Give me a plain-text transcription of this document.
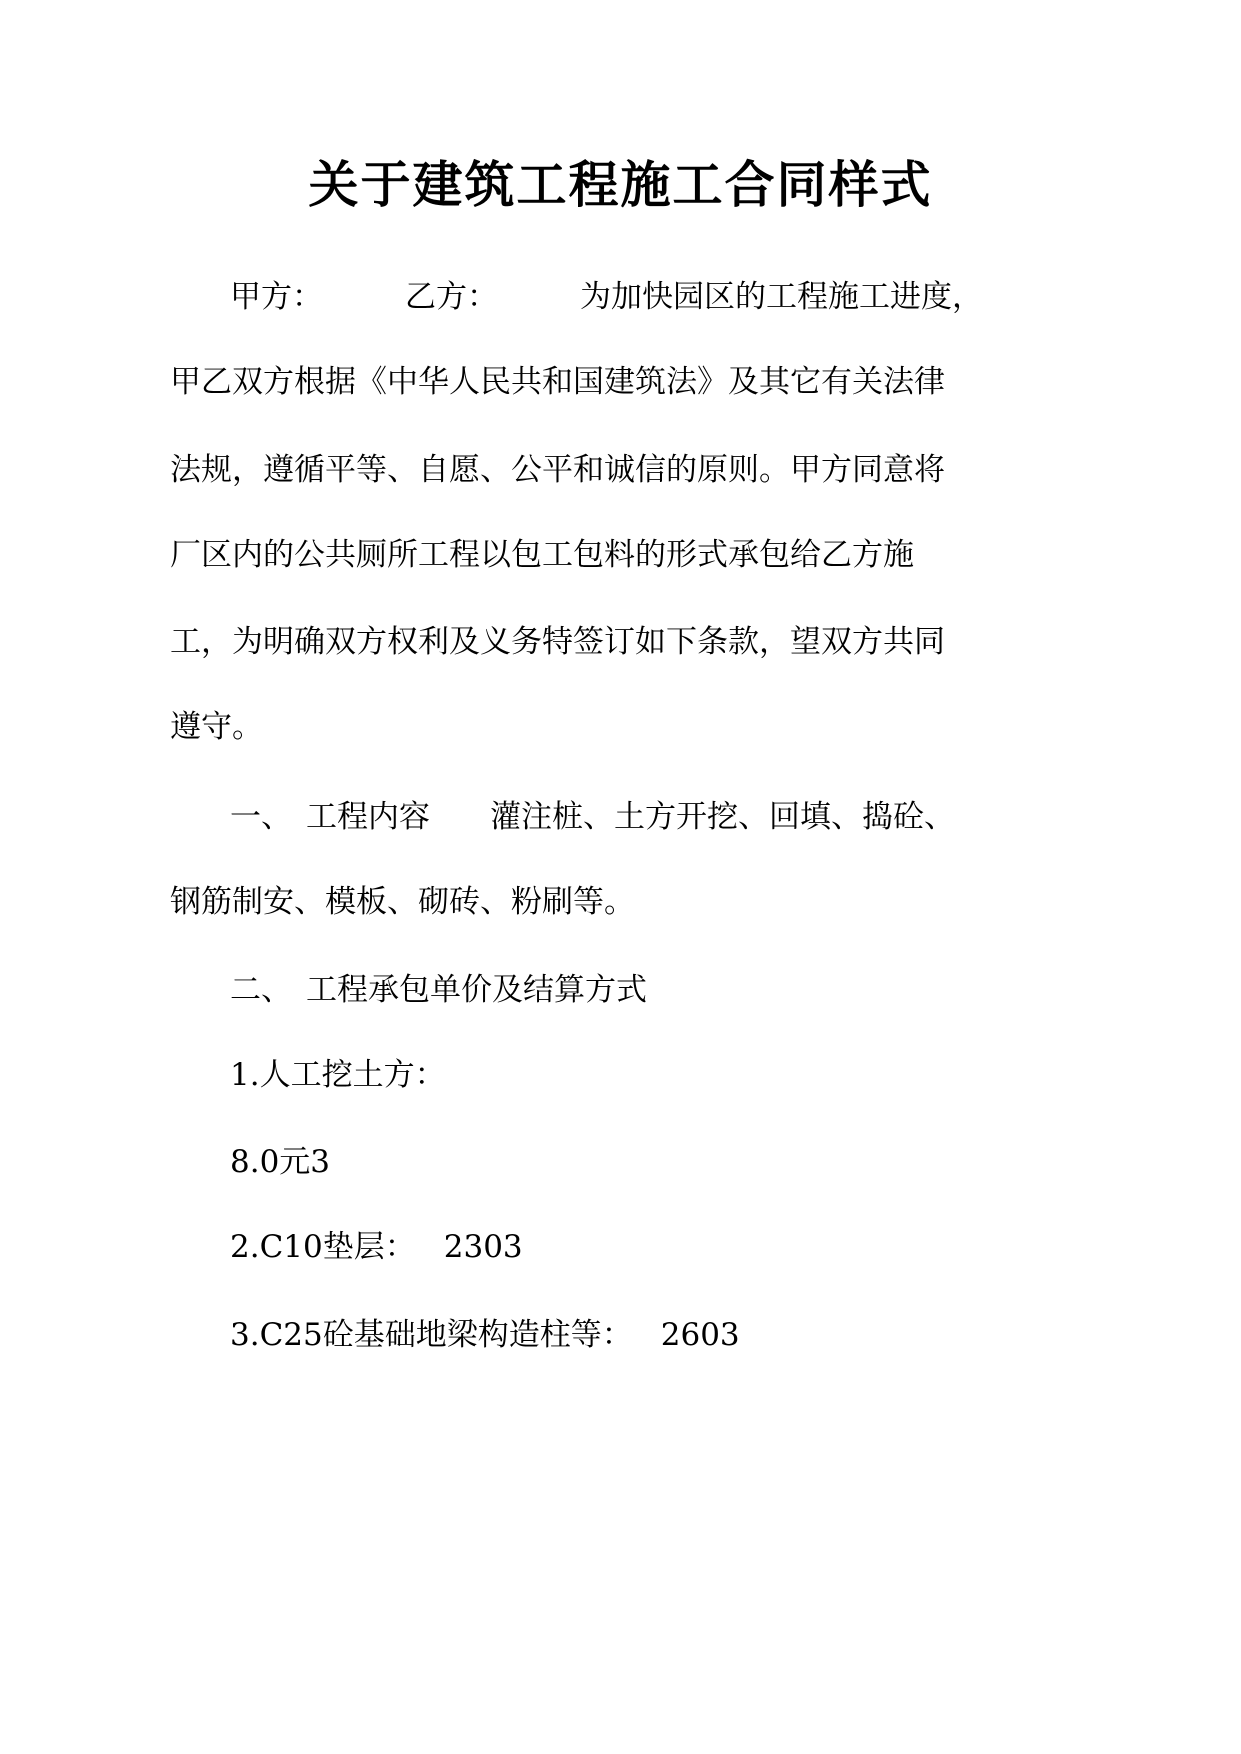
关于建筑工程施工合同样式
甲方：	乙方：	为加快园区的工程施工进度，
甲乙双方根据《中华人民共和国建筑法》及其它有关法律
法规，遵循平等、自愿、公平和诚信的原则。甲方同意将
厂区内的公共厕所工程以包工包料的形式承包给乙方施
工，为明确双方权利及义务特签订如下条款，望双方共同
遵守。
一、 工程内容 灌注桩、土方开挖、回填、捣砼、
钢筋制安、模板、砌砖、粉刷等。
二、 工程承包单价及结算方式
1.人工挖土方：
8.0元3
2.C10垫层： 2303
3.C25砼基础地梁构造柱等： 2603
